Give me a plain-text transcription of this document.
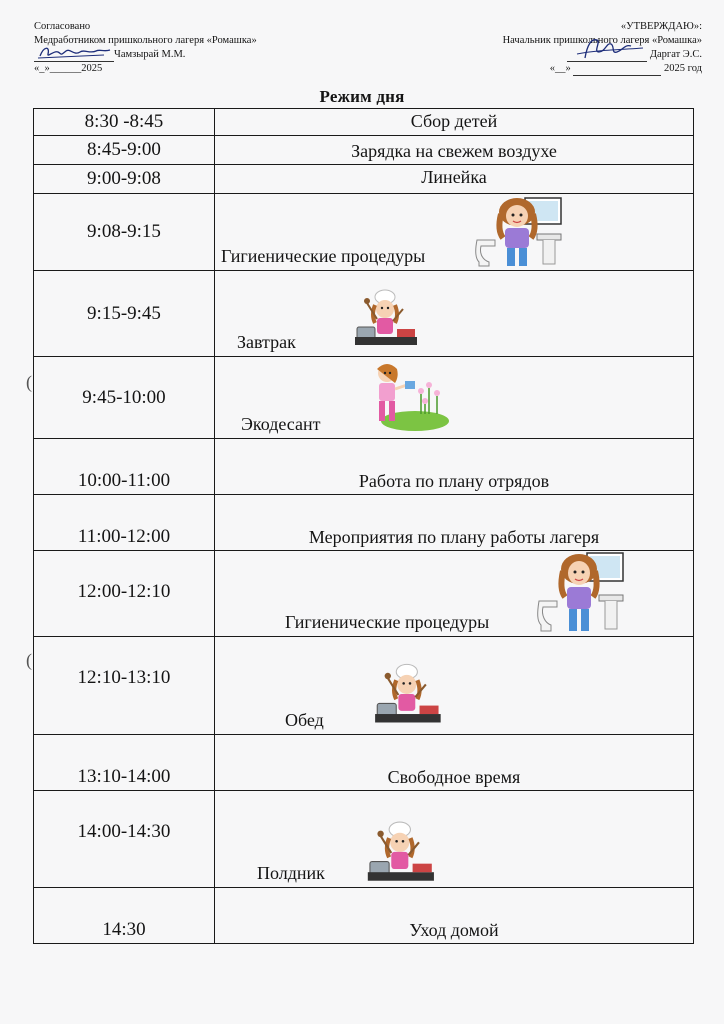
Согласовано
Медработником пришкольного лагеря «Ромашка»
Чамзырай М.М.
«_»______2025
«УТВЕРЖДАЮ»:
Начальник пришкольного лагеря «Ромашка»
Даргат Э.С.
«__»	2025 год
Режим дня
(
(
8:30 -8:45	Сбор детей
8:45-9:00	Зарядка на свежем воздухе
9:00-9:08	Линейка
9:08-9:15	Гигиенические процедуры

9:15-9:45	Завтрак

9:45-10:00	Экодесант

10:00-11:00	Работа по плану отрядов
11:00-12:00	Мероприятия по плану работы лагеря
12:00-12:10	Гигиенические процедуры

12:10-13:10	Обед

13:10-14:00	Свободное время
14:00-14:30	Полдник

14:30	Уход домой
